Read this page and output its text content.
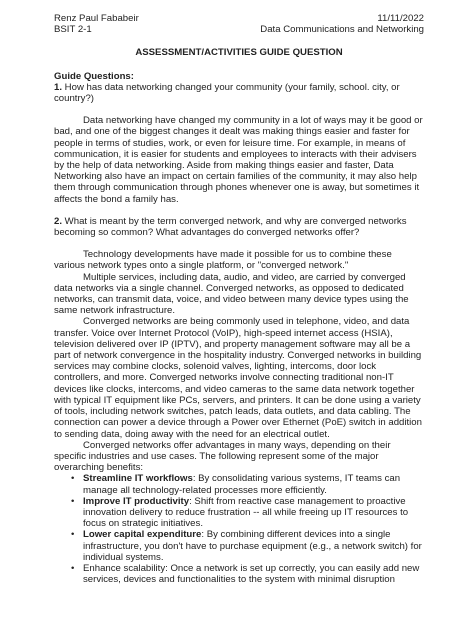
Renz Paul Fababeir
BSIT 2-1
11/11/2022
Data Communications and Networking
ASSESSMENT/ACTIVITIES GUIDE QUESTION
Guide Questions:

1. How has data networking changed your community (your family, school. city, or country?)

Data networking have changed my community in a lot of ways may it be good or bad, and one of the biggest changes it dealt was making things easier and faster for people in terms of studies, work, or even for leisure time. For example, in means of communication, it is easier for students and employees to interacts with their advisers by the help of data networking. Aside from making things easier and faster, Data Networking also have an impact on certain families of the community, it may also help them through communication through phones whenever one is away, but sometimes it affects the bond a family has.

2. What is meant by the term converged network, and why are converged networks becoming so common? What advantages do converged networks offer?

Technology developments have made it possible for us to combine these various network types onto a single platform, or "converged network."

Multiple services, including data, audio, and video, are carried by converged data networks via a single channel. Converged networks, as opposed to dedicated networks, can transmit data, voice, and video between many device types using the same network infrastructure.

Converged networks are being commonly used in telephone, video, and data transfer. Voice over Internet Protocol (VoIP), high-speed internet access (HSIA), television delivered over IP (IPTV), and property management software may all be a part of network convergence in the hospitality industry. Converged networks in building services may combine clocks, solenoid valves, lighting, intercoms, door lock controllers, and more. Converged networks involve connecting traditional non-IT devices like clocks, intercoms, and video cameras to the same data network together with typical IT equipment like PCs, servers, and printers. It can be done using a variety of tools, including network switches, patch leads, data outlets, and data cabling. The connection can power a device through a Power over Ethernet (PoE) switch in addition to sending data, doing away with the need for an electrical outlet.

Converged networks offer advantages in many ways, depending on their specific industries and use cases. The following represent some of the major overarching benefits:

• Streamline IT workflows: By consolidating various systems, IT teams can manage all technology-related processes more efficiently.
• Improve IT productivity: Shift from reactive case management to proactive innovation delivery to reduce frustration -- all while freeing up IT resources to focus on strategic initiatives.
• Lower capital expenditure: By combining different devices into a single infrastructure, you don't have to purchase equipment (e.g., a network switch) for individual systems.
• Enhance scalability: Once a network is set up correctly, you can easily add new services, devices and functionalities to the system with minimal disruption
